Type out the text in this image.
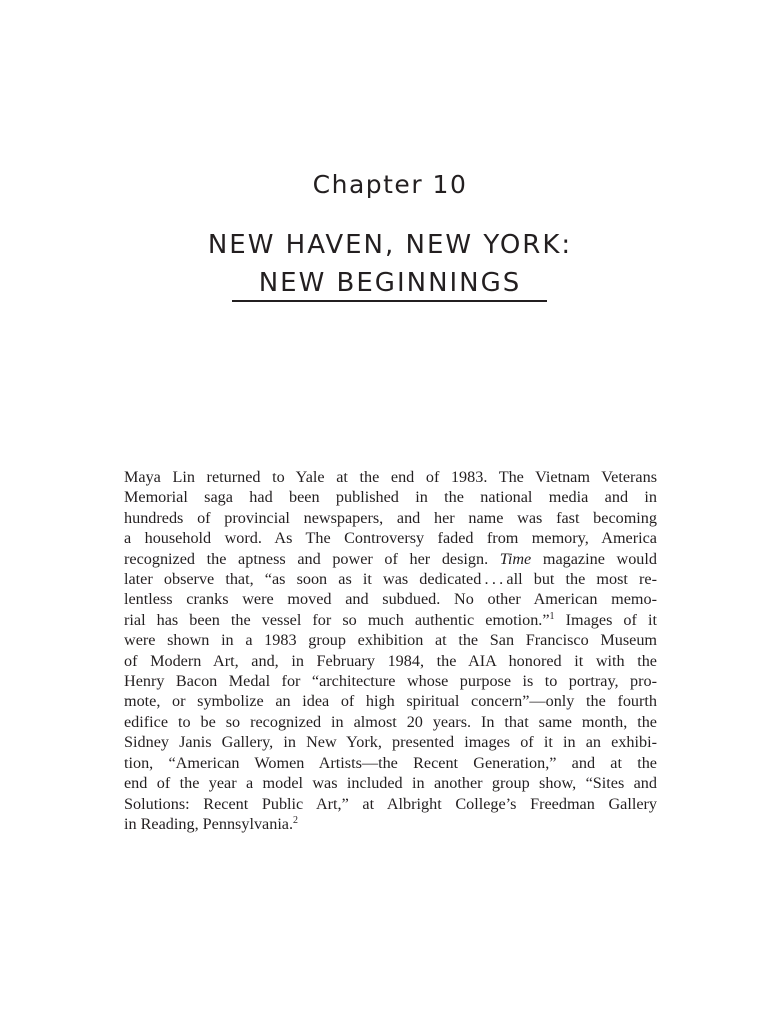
Chapter 10
NEW HAVEN, NEW YORK:
NEW BEGINNINGS
Maya Lin returned to Yale at the end of 1983. The Vietnam Veterans
Memorial saga had been published in the national media and in
hundreds of provincial newspapers, and her name was fast becoming
a household word. As The Controversy faded from memory, America
recognized the aptness and power of her design. Time magazine would
later observe that, “as soon as it was dedicated . . . all but the most re-
lentless cranks were moved and subdued. No other American memo-
rial has been the vessel for so much authentic emotion.”$^1$ Images of it
were shown in a 1983 group exhibition at the San Francisco Museum
of Modern Art, and, in February 1984, the AIA honored it with the
Henry Bacon Medal for “architecture whose purpose is to portray, pro-
mote, or symbolize an idea of high spiritual concern”—only the fourth
edifice to be so recognized in almost 20 years. In that same month, the
Sidney Janis Gallery, in New York, presented images of it in an exhibi-
tion, “American Women Artists—the Recent Generation,” and at the
end of the year a model was included in another group show, “Sites and
Solutions: Recent Public Art,” at Albright College’s Freedman Gallery
in Reading, Pennsylvania.$^2$
